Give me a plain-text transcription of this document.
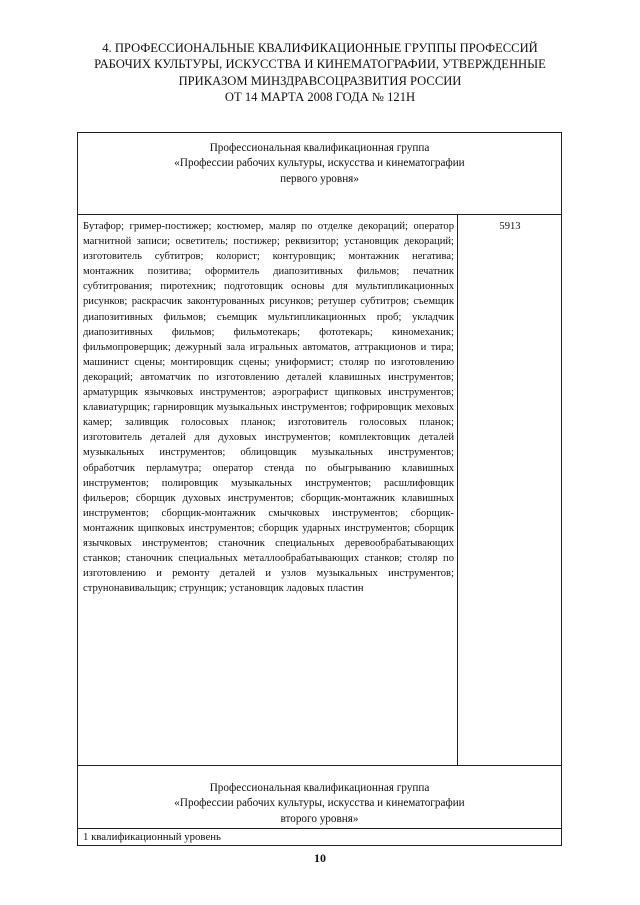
4. ПРОФЕССИОНАЛЬНЫЕ КВАЛИФИКАЦИОННЫЕ ГРУППЫ ПРОФЕССИЙ
РАБОЧИХ КУЛЬТУРЫ, ИСКУССТВА И КИНЕМАТОГРАФИИ, УТВЕРЖДЕННЫЕ
ПРИКАЗОМ МИНЗДРАВСОЦРАЗВИТИЯ РОССИИ
ОТ 14 МАРТА 2008 ГОДА № 121Н
Профессиональная квалификационная группа
«Профессии рабочих культуры, искусства и кинематографии
первого уровня»
Бутафор; гример-постижер; костюмер, маляр по отделке декораций; оператор магнитной записи; осветитель; постижер; реквизитор; установщик декораций; изготовитель субтитров; колорист; контуровщик; монтажник негатива; монтажник позитива; оформитель диапозитивных фильмов; печатник субтитрования; пиротехник; подготовщик основы для мультипликационных рисунков; раскрасчик законтурованных рисунков; ретушер субтитров; съемщик диапозитивных фильмов; съемщик мультипликационных проб; укладчик диапозитивных фильмов; фильмотекарь; фототекарь; киномеханик; фильмопроверщик; дежурный зала игральных автоматов, аттракционов и тира; машинист сцены; монтировщик сцены; униформист; столяр по изготовлению декораций; автоматчик по изготовлению деталей клавишных инструментов; арматурщик язычковых инструментов; аэрографист щипковых инструментов; клавиатурщик; гарнировщик музыкальных инструментов; гофрировщик меховых камер; заливщик голосовых планок; изготовитель голосовых планок; изготовитель деталей для духовых инструментов; комплектовщик деталей музыкальных инструментов; облицовщик музыкальных инструментов; обработчик перламутра; оператор стенда по обыгрыванию клавишных инструментов; полировщик музыкальных инструментов; расшлифовщик фильеров; сборщик духовых инструментов; сборщик-монтажник клавишных инструментов; сборщик-монтажник смычковых инструментов; сборщик-монтажник щипковых инструментов; сборщик ударных инструментов; сборщик язычковых инструментов; станочник специальных деревообрабатывающих станков; станочник специальных металлообрабатывающих станков; столяр по изготовлению и ремонту деталей и узлов музыкальных инструментов; струнонавивальщик; струнщик; установщик ладовых пластин
5913
Профессиональная квалификационная группа
«Профессии рабочих культуры, искусства и кинематографии
второго уровня»
1 квалификационный уровень
10
